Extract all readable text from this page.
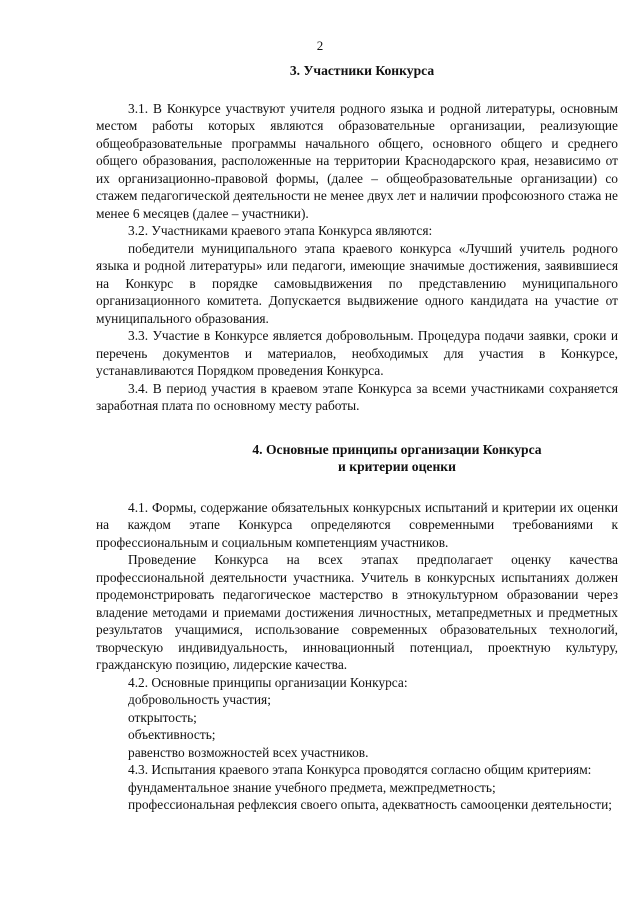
2
3. Участники Конкурса

3.1. В Конкурсе участвуют учителя родного языка и родной литературы, основным местом работы которых являются образовательные организации, реализующие общеобразовательные программы начального общего, основного общего и среднего общего образования, расположенные на территории Краснодарского края, независимо от их организационно-правовой формы, (далее – общеобразовательные организации) со стажем педагогической деятельности не менее двух лет и наличии профсоюзного стажа не менее 6 месяцев (далее – участники).

3.2. Участниками краевого этапа Конкурса являются:

победители муниципального этапа краевого конкурса «Лучший учитель родного языка и родной литературы» или педагоги, имеющие значимые достижения, заявившиеся на Конкурс в порядке самовыдвижения по представлению муниципального организационного комитета. Допускается выдвижение одного кандидата на участие от муниципального образования.

3.3. Участие в Конкурсе является добровольным. Процедура подачи заявки, сроки и перечень документов и материалов, необходимых для участия в Конкурсе, устанавливаются Порядком проведения Конкурса.

3.4. В период участия в краевом этапе Конкурса за всеми участниками сохраняется заработная плата по основному месту работы.

4. Основные принципы организации Конкурса
и критерии оценки

4.1. Формы, содержание обязательных конкурсных испытаний и критерии их оценки на каждом этапе Конкурса определяются современными требованиями к профессиональным и социальным компетенциям участников.

Проведение Конкурса на всех этапах предполагает оценку качества профессиональной деятельности участника. Учитель в конкурсных испытаниях должен продемонстрировать педагогическое мастерство в этнокультурном образовании через владение методами и приемами достижения личностных, метапредметных и предметных результатов учащимися, использование современных образовательных технологий, творческую индивидуальность, инновационный потенциал, проектную культуру, гражданскую позицию, лидерские качества.

4.2. Основные принципы организации Конкурса:

добровольность участия;

открытость;

объективность;

равенство возможностей всех участников.

4.3. Испытания краевого этапа Конкурса проводятся согласно общим критериям:

фундаментальное знание учебного предмета, межпредметность;

профессиональная рефлексия своего опыта, адекватность самооценки деятельности;
